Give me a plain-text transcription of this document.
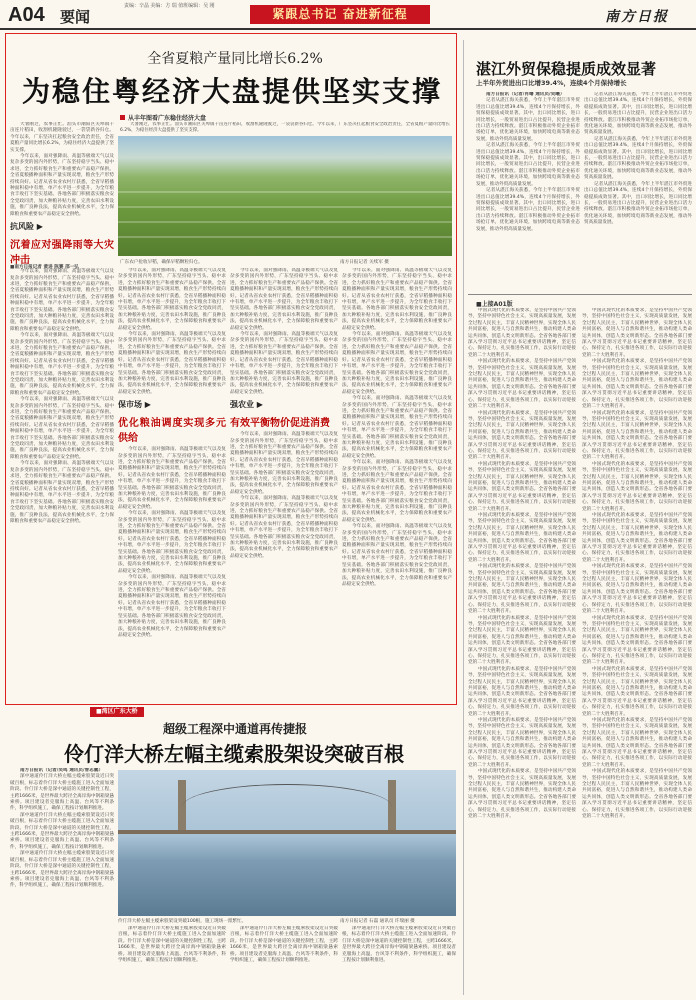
A04 要闻
责编：辛晶 美编：方 瑞 值班编辑：吴 刚
紧跟总书记 奋进新征程	南方日报
全省夏粮产量同比增长6.2%
为稳住粤经济大盘提供坚实支撑
从丰年图看广东稳住经济大盘

大暑刚过，农事正忙。汕头市潮阳区关埠镇千亩连片稻田，收割机隆隆驶过，一袋袋新谷归仓。今年以来，广东坚决扛起粮食安全政治责任，全省夏粮产量同比增长6.2%，为稳住经济大盘提供了坚实支撑。

大暑刚过，农事正忙。汕头市潮阳区关埠镇千亩连片稻田，收割机隆隆驶过，一袋袋新谷归仓。今年以来，广东坚决扛起粮食安全政治责任，全省夏粮产量同比增长6.2%，为稳住经济大盘提供了坚实支撑。

今年以来，面对强降雨、高温等极端天气以及复杂多变的国内外形势，广东坚持稳字当头、稳中求进，全力抓好粮食生产和重要农产品稳产保供。全省夏粮播种面积和产量实现双增，粮食生产形势持续向好。记者从省农业农村厅获悉，全省早稻播种面积稳中有增，单产水平进一步提升，为全年粮食丰收打下坚实基础。各地各部门积极落实粮食安全党政同责，加大种粮补贴力度，完善农田水利设施，推广良种良法，提高农业机械化水平，全力保障粮食和重要农产品稳定安全供给。

抗风险 ▶
沉着应对强降雨等大灾冲击

今年以来，面对强降雨、高温等极端天气以及复杂多变的国内外形势，广东坚持稳字当头、稳中求进，全力抓好粮食生产和重要农产品稳产保供。全省夏粮播种面积和产量实现双增，粮食生产形势持续向好。记者从省农业农村厅获悉，全省早稻播种面积稳中有增，单产水平进一步提升，为全年粮食丰收打下坚实基础。各地各部门积极落实粮食安全党政同责，加大种粮补贴力度，完善农田水利设施，推广良种良法，提高农业机械化水平，全力保障粮食和重要农产品稳定安全供给。

今年以来，面对强降雨、高温等极端天气以及复杂多变的国内外形势，广东坚持稳字当头、稳中求进，全力抓好粮食生产和重要农产品稳产保供。全省夏粮播种面积和产量实现双增，粮食生产形势持续向好。记者从省农业农村厅获悉，全省早稻播种面积稳中有增，单产水平进一步提升，为全年粮食丰收打下坚实基础。各地各部门积极落实粮食安全党政同责，加大种粮补贴力度，完善农田水利设施，推广良种良法，提高农业机械化水平，全力保障粮食和重要农产品稳定安全供给。

今年以来，面对强降雨、高温等极端天气以及复杂多变的国内外形势，广东坚持稳字当头、稳中求进，全力抓好粮食生产和重要农产品稳产保供。全省夏粮播种面积和产量实现双增，粮食生产形势持续向好。记者从省农业农村厅获悉，全省早稻播种面积稳中有增，单产水平进一步提升，为全年粮食丰收打下坚实基础。各地各部门积极落实粮食安全党政同责，加大种粮补贴力度，完善农田水利设施，推广良种良法，提高农业机械化水平，全力保障粮食和重要农产品稳定安全供给。

今年以来，面对强降雨、高温等极端天气以及复杂多变的国内外形势，广东坚持稳字当头、稳中求进，全力抓好粮食生产和重要农产品稳产保供。全省夏粮播种面积和产量实现双增，粮食生产形势持续向好。记者从省农业农村厅获悉，全省早稻播种面积稳中有增，单产水平进一步提升，为全年粮食丰收打下坚实基础。各地各部门积极落实粮食安全党政同责，加大种粮补贴力度，完善农田水利设施，推广良种良法，提高农业机械化水平，全力保障粮食和重要农产品稳定安全供给。

广东农户抢收早稻，确保早稻颗粒归仓。	南方日报记者 关续军 摄
■南方日报记者 黄进 陈赛 邵一弘

今年以来，面对强降雨、高温等极端天气以及复杂多变的国内外形势，广东坚持稳字当头、稳中求进，全力抓好粮食生产和重要农产品稳产保供。全省夏粮播种面积和产量实现双增，粮食生产形势持续向好。记者从省农业农村厅获悉，全省早稻播种面积稳中有增，单产水平进一步提升，为全年粮食丰收打下坚实基础。各地各部门积极落实粮食安全党政同责，加大种粮补贴力度，完善农田水利设施，推广良种良法，提高农业机械化水平，全力保障粮食和重要农产品稳定安全供给。

今年以来，面对强降雨、高温等极端天气以及复杂多变的国内外形势，广东坚持稳字当头、稳中求进，全力抓好粮食生产和重要农产品稳产保供。全省夏粮播种面积和产量实现双增，粮食生产形势持续向好。记者从省农业农村厅获悉，全省早稻播种面积稳中有增，单产水平进一步提升，为全年粮食丰收打下坚实基础。各地各部门积极落实粮食安全党政同责，加大种粮补贴力度，完善农田水利设施，推广良种良法，提高农业机械化水平，全力保障粮食和重要农产品稳定安全供给。

保市场 ▶
优化粮油调度实现多元供给

今年以来，面对强降雨、高温等极端天气以及复杂多变的国内外形势，广东坚持稳字当头、稳中求进，全力抓好粮食生产和重要农产品稳产保供。全省夏粮播种面积和产量实现双增，粮食生产形势持续向好。记者从省农业农村厅获悉，全省早稻播种面积稳中有增，单产水平进一步提升，为全年粮食丰收打下坚实基础。各地各部门积极落实粮食安全党政同责，加大种粮补贴力度，完善农田水利设施，推广良种良法，提高农业机械化水平，全力保障粮食和重要农产品稳定安全供给。

今年以来，面对强降雨、高温等极端天气以及复杂多变的国内外形势，广东坚持稳字当头、稳中求进，全力抓好粮食生产和重要农产品稳产保供。全省夏粮播种面积和产量实现双增，粮食生产形势持续向好。记者从省农业农村厅获悉，全省早稻播种面积稳中有增，单产水平进一步提升，为全年粮食丰收打下坚实基础。各地各部门积极落实粮食安全党政同责，加大种粮补贴力度，完善农田水利设施，推广良种良法，提高农业机械化水平，全力保障粮食和重要农产品稳定安全供给。

今年以来，面对强降雨、高温等极端天气以及复杂多变的国内外形势，广东坚持稳字当头、稳中求进，全力抓好粮食生产和重要农产品稳产保供。全省夏粮播种面积和产量实现双增，粮食生产形势持续向好。记者从省农业农村厅获悉，全省早稻播种面积稳中有增，单产水平进一步提升，为全年粮食丰收打下坚实基础。各地各部门积极落实粮食安全党政同责，加大种粮补贴力度，完善农田水利设施，推广良种良法，提高农业机械化水平，全力保障粮食和重要农产品稳定安全供给。

今年以来，面对强降雨、高温等极端天气以及复杂多变的国内外形势，广东坚持稳字当头、稳中求进，全力抓好粮食生产和重要农产品稳产保供。全省夏粮播种面积和产量实现双增，粮食生产形势持续向好。记者从省农业农村厅获悉，全省早稻播种面积稳中有增，单产水平进一步提升，为全年粮食丰收打下坚实基础。各地各部门积极落实粮食安全党政同责，加大种粮补贴力度，完善农田水利设施，推广良种良法，提高农业机械化水平，全力保障粮食和重要农产品稳定安全供给。

今年以来，面对强降雨、高温等极端天气以及复杂多变的国内外形势，广东坚持稳字当头、稳中求进，全力抓好粮食生产和重要农产品稳产保供。全省夏粮播种面积和产量实现双增，粮食生产形势持续向好。记者从省农业农村厅获悉，全省早稻播种面积稳中有增，单产水平进一步提升，为全年粮食丰收打下坚实基础。各地各部门积极落实粮食安全党政同责，加大种粮补贴力度，完善农田水利设施，推广良种良法，提高农业机械化水平，全力保障粮食和重要农产品稳定安全供给。

强农业 ▶
有效平衡物价促进消费

今年以来，面对强降雨、高温等极端天气以及复杂多变的国内外形势，广东坚持稳字当头、稳中求进，全力抓好粮食生产和重要农产品稳产保供。全省夏粮播种面积和产量实现双增，粮食生产形势持续向好。记者从省农业农村厅获悉，全省早稻播种面积稳中有增，单产水平进一步提升，为全年粮食丰收打下坚实基础。各地各部门积极落实粮食安全党政同责，加大种粮补贴力度，完善农田水利设施，推广良种良法，提高农业机械化水平，全力保障粮食和重要农产品稳定安全供给。

今年以来，面对强降雨、高温等极端天气以及复杂多变的国内外形势，广东坚持稳字当头、稳中求进，全力抓好粮食生产和重要农产品稳产保供。全省夏粮播种面积和产量实现双增，粮食生产形势持续向好。记者从省农业农村厅获悉，全省早稻播种面积稳中有增，单产水平进一步提升，为全年粮食丰收打下坚实基础。各地各部门积极落实粮食安全党政同责，加大种粮补贴力度，完善农田水利设施，推广良种良法，提高农业机械化水平，全力保障粮食和重要农产品稳定安全供给。

今年以来，面对强降雨、高温等极端天气以及复杂多变的国内外形势，广东坚持稳字当头、稳中求进，全力抓好粮食生产和重要农产品稳产保供。全省夏粮播种面积和产量实现双增，粮食生产形势持续向好。记者从省农业农村厅获悉，全省早稻播种面积稳中有增，单产水平进一步提升，为全年粮食丰收打下坚实基础。各地各部门积极落实粮食安全党政同责，加大种粮补贴力度，完善农田水利设施，推广良种良法，提高农业机械化水平，全力保障粮食和重要农产品稳定安全供给。

今年以来，面对强降雨、高温等极端天气以及复杂多变的国内外形势，广东坚持稳字当头、稳中求进，全力抓好粮食生产和重要农产品稳产保供。全省夏粮播种面积和产量实现双增，粮食生产形势持续向好。记者从省农业农村厅获悉，全省早稻播种面积稳中有增，单产水平进一步提升，为全年粮食丰收打下坚实基础。各地各部门积极落实粮食安全党政同责，加大种粮补贴力度，完善农田水利设施，推广良种良法，提高农业机械化水平，全力保障粮食和重要农产品稳定安全供给。

今年以来，面对强降雨、高温等极端天气以及复杂多变的国内外形势，广东坚持稳字当头、稳中求进，全力抓好粮食生产和重要农产品稳产保供。全省夏粮播种面积和产量实现双增，粮食生产形势持续向好。记者从省农业农村厅获悉，全省早稻播种面积稳中有增，单产水平进一步提升，为全年粮食丰收打下坚实基础。各地各部门积极落实粮食安全党政同责，加大种粮补贴力度，完善农田水利设施，推广良种良法，提高农业机械化水平，全力保障粮食和重要农产品稳定安全供给。

今年以来，面对强降雨、高温等极端天气以及复杂多变的国内外形势，广东坚持稳字当头、稳中求进，全力抓好粮食生产和重要农产品稳产保供。全省夏粮播种面积和产量实现双增，粮食生产形势持续向好。记者从省农业农村厅获悉，全省早稻播种面积稳中有增，单产水平进一步提升，为全年粮食丰收打下坚实基础。各地各部门积极落实粮食安全党政同责，加大种粮补贴力度，完善农田水利设施，推广良种良法，提高农业机械化水平，全力保障粮食和重要农产品稳定安全供给。

今年以来，面对强降雨、高温等极端天气以及复杂多变的国内外形势，广东坚持稳字当头、稳中求进，全力抓好粮食生产和重要农产品稳产保供。全省夏粮播种面积和产量实现双增，粮食生产形势持续向好。记者从省农业农村厅获悉，全省早稻播种面积稳中有增，单产水平进一步提升，为全年粮食丰收打下坚实基础。各地各部门积极落实粮食安全党政同责，加大种粮补贴力度，完善农田水利设施，推广良种良法，提高农业机械化水平，全力保障粮食和重要农产品稳定安全供给。

湛江外贸保稳提质成效显著
上半年外贸进出口比增39.4%，连续4个月保持增长

南方日报讯（记者/肖曙 通讯员/吴曦）

记者从湛江海关获悉，今年上半年湛江市外贸进出口总值比增39.4%，连续4个月保持增长，外贸保稳提质成效显著。其中，出口同比增长，进口同比增长，一般贸易进出口占比提升，民营企业进出口活力持续释放。湛江市积极推动外贸企业拓市场抢订单，优化通关环境，加快跨境电商等新业态发展，推动外贸高质量发展。

记者从湛江海关获悉，今年上半年湛江市外贸进出口总值比增39.4%，连续4个月保持增长，外贸保稳提质成效显著。其中，出口同比增长，进口同比增长，一般贸易进出口占比提升，民营企业进出口活力持续释放。湛江市积极推动外贸企业拓市场抢订单，优化通关环境，加快跨境电商等新业态发展，推动外贸高质量发展。

记者从湛江海关获悉，今年上半年湛江市外贸进出口总值比增39.4%，连续4个月保持增长，外贸保稳提质成效显著。其中，出口同比增长，进口同比增长，一般贸易进出口占比提升，民营企业进出口活力持续释放。湛江市积极推动外贸企业拓市场抢订单，优化通关环境，加快跨境电商等新业态发展，推动外贸高质量发展。

记者从湛江海关获悉，今年上半年湛江市外贸进出口总值比增39.4%，连续4个月保持增长，外贸保稳提质成效显著。其中，出口同比增长，进口同比增长，一般贸易进出口占比提升，民营企业进出口活力持续释放。湛江市积极推动外贸企业拓市场抢订单，优化通关环境，加快跨境电商等新业态发展，推动外贸高质量发展。

记者从湛江海关获悉，今年上半年湛江市外贸进出口总值比增39.4%，连续4个月保持增长，外贸保稳提质成效显著。其中，出口同比增长，进口同比增长，一般贸易进出口占比提升，民营企业进出口活力持续释放。湛江市积极推动外贸企业拓市场抢订单，优化通关环境，加快跨境电商等新业态发展，推动外贸高质量发展。

记者从湛江海关获悉，今年上半年湛江市外贸进出口总值比增39.4%，连续4个月保持增长，外贸保稳提质成效显著。其中，出口同比增长，进口同比增长，一般贸易进出口占比提升，民营企业进出口活力持续释放。湛江市积极推动外贸企业拓市场抢订单，优化通关环境，加快跨境电商等新业态发展，推动外贸高质量发展。

■上接A01版

中国式现代化的本质要求，是坚持中国共产党领导，坚持中国特色社会主义，实现高质量发展，发展全过程人民民主，丰富人民精神世界，实现全体人民共同富裕，促进人与自然和谐共生，推动构建人类命运共同体，创造人类文明新形态。全省各地各部门要深入学习贯彻习近平总书记重要讲话精神，坚定信心、保持定力，扎实推进各项工作，以实际行动迎接党的二十大胜利召开。

中国式现代化的本质要求，是坚持中国共产党领导，坚持中国特色社会主义，实现高质量发展，发展全过程人民民主，丰富人民精神世界，实现全体人民共同富裕，促进人与自然和谐共生，推动构建人类命运共同体，创造人类文明新形态。全省各地各部门要深入学习贯彻习近平总书记重要讲话精神，坚定信心、保持定力，扎实推进各项工作，以实际行动迎接党的二十大胜利召开。

中国式现代化的本质要求，是坚持中国共产党领导，坚持中国特色社会主义，实现高质量发展，发展全过程人民民主，丰富人民精神世界，实现全体人民共同富裕，促进人与自然和谐共生，推动构建人类命运共同体，创造人类文明新形态。全省各地各部门要深入学习贯彻习近平总书记重要讲话精神，坚定信心、保持定力，扎实推进各项工作，以实际行动迎接党的二十大胜利召开。

中国式现代化的本质要求，是坚持中国共产党领导，坚持中国特色社会主义，实现高质量发展，发展全过程人民民主，丰富人民精神世界，实现全体人民共同富裕，促进人与自然和谐共生，推动构建人类命运共同体，创造人类文明新形态。全省各地各部门要深入学习贯彻习近平总书记重要讲话精神，坚定信心、保持定力，扎实推进各项工作，以实际行动迎接党的二十大胜利召开。

中国式现代化的本质要求，是坚持中国共产党领导，坚持中国特色社会主义，实现高质量发展，发展全过程人民民主，丰富人民精神世界，实现全体人民共同富裕，促进人与自然和谐共生，推动构建人类命运共同体，创造人类文明新形态。全省各地各部门要深入学习贯彻习近平总书记重要讲话精神，坚定信心、保持定力，扎实推进各项工作，以实际行动迎接党的二十大胜利召开。

中国式现代化的本质要求，是坚持中国共产党领导，坚持中国特色社会主义，实现高质量发展，发展全过程人民民主，丰富人民精神世界，实现全体人民共同富裕，促进人与自然和谐共生，推动构建人类命运共同体，创造人类文明新形态。全省各地各部门要深入学习贯彻习近平总书记重要讲话精神，坚定信心、保持定力，扎实推进各项工作，以实际行动迎接党的二十大胜利召开。

中国式现代化的本质要求，是坚持中国共产党领导，坚持中国特色社会主义，实现高质量发展，发展全过程人民民主，丰富人民精神世界，实现全体人民共同富裕，促进人与自然和谐共生，推动构建人类命运共同体，创造人类文明新形态。全省各地各部门要深入学习贯彻习近平总书记重要讲话精神，坚定信心、保持定力，扎实推进各项工作，以实际行动迎接党的二十大胜利召开。

中国式现代化的本质要求，是坚持中国共产党领导，坚持中国特色社会主义，实现高质量发展，发展全过程人民民主，丰富人民精神世界，实现全体人民共同富裕，促进人与自然和谐共生，推动构建人类命运共同体，创造人类文明新形态。全省各地各部门要深入学习贯彻习近平总书记重要讲话精神，坚定信心、保持定力，扎实推进各项工作，以实际行动迎接党的二十大胜利召开。

中国式现代化的本质要求，是坚持中国共产党领导，坚持中国特色社会主义，实现高质量发展，发展全过程人民民主，丰富人民精神世界，实现全体人民共同富裕，促进人与自然和谐共生，推动构建人类命运共同体，创造人类文明新形态。全省各地各部门要深入学习贯彻习近平总书记重要讲话精神，坚定信心、保持定力，扎实推进各项工作，以实际行动迎接党的二十大胜利召开。

中国式现代化的本质要求，是坚持中国共产党领导，坚持中国特色社会主义，实现高质量发展，发展全过程人民民主，丰富人民精神世界，实现全体人民共同富裕，促进人与自然和谐共生，推动构建人类命运共同体，创造人类文明新形态。全省各地各部门要深入学习贯彻习近平总书记重要讲话精神，坚定信心、保持定力，扎实推进各项工作，以实际行动迎接党的二十大胜利召开。

中国式现代化的本质要求，是坚持中国共产党领导，坚持中国特色社会主义，实现高质量发展，发展全过程人民民主，丰富人民精神世界，实现全体人民共同富裕，促进人与自然和谐共生，推动构建人类命运共同体，创造人类文明新形态。全省各地各部门要深入学习贯彻习近平总书记重要讲话精神，坚定信心、保持定力，扎实推进各项工作，以实际行动迎接党的二十大胜利召开。

中国式现代化的本质要求，是坚持中国共产党领导，坚持中国特色社会主义，实现高质量发展，发展全过程人民民主，丰富人民精神世界，实现全体人民共同富裕，促进人与自然和谐共生，推动构建人类命运共同体，创造人类文明新形态。全省各地各部门要深入学习贯彻习近平总书记重要讲话精神，坚定信心、保持定力，扎实推进各项工作，以实际行动迎接党的二十大胜利召开。

中国式现代化的本质要求，是坚持中国共产党领导，坚持中国特色社会主义，实现高质量发展，发展全过程人民民主，丰富人民精神世界，实现全体人民共同富裕，促进人与自然和谐共生，推动构建人类命运共同体，创造人类文明新形态。全省各地各部门要深入学习贯彻习近平总书记重要讲话精神，坚定信心、保持定力，扎实推进各项工作，以实际行动迎接党的二十大胜利召开。

中国式现代化的本质要求，是坚持中国共产党领导，坚持中国特色社会主义，实现高质量发展，发展全过程人民民主，丰富人民精神世界，实现全体人民共同富裕，促进人与自然和谐共生，推动构建人类命运共同体，创造人类文明新形态。全省各地各部门要深入学习贯彻习近平总书记重要讲话精神，坚定信心、保持定力，扎实推进各项工作，以实际行动迎接党的二十大胜利召开。

中国式现代化的本质要求，是坚持中国共产党领导，坚持中国特色社会主义，实现高质量发展，发展全过程人民民主，丰富人民精神世界，实现全体人民共同富裕，促进人与自然和谐共生，推动构建人类命运共同体，创造人类文明新形态。全省各地各部门要深入学习贯彻习近平总书记重要讲话精神，坚定信心、保持定力，扎实推进各项工作，以实际行动迎接党的二十大胜利召开。

中国式现代化的本质要求，是坚持中国共产党领导，坚持中国特色社会主义，实现高质量发展，发展全过程人民民主，丰富人民精神世界，实现全体人民共同富裕，促进人与自然和谐共生，推动构建人类命运共同体，创造人类文明新形态。全省各地各部门要深入学习贯彻习近平总书记重要讲话精神，坚定信心、保持定力，扎实推进各项工作，以实际行动迎接党的二十大胜利召开。

中国式现代化的本质要求，是坚持中国共产党领导，坚持中国特色社会主义，实现高质量发展，发展全过程人民民主，丰富人民精神世界，实现全体人民共同富裕，促进人与自然和谐共生，推动构建人类命运共同体，创造人类文明新形态。全省各地各部门要深入学习贯彻习近平总书记重要讲话精神，坚定信心、保持定力，扎实推进各项工作，以实际行动迎接党的二十大胜利召开。

中国式现代化的本质要求，是坚持中国共产党领导，坚持中国特色社会主义，实现高质量发展，发展全过程人民民主，丰富人民精神世界，实现全体人民共同富裕，促进人与自然和谐共生，推动构建人类命运共同体，创造人类文明新形态。全省各地各部门要深入学习贯彻习近平总书记重要讲话精神，坚定信心、保持定力，扎实推进各项工作，以实际行动迎接党的二十大胜利召开。

中国式现代化的本质要求，是坚持中国共产党领导，坚持中国特色社会主义，实现高质量发展，发展全过程人民民主，丰富人民精神世界，实现全体人民共同富裕，促进人与自然和谐共生，推动构建人类命运共同体，创造人类文明新形态。全省各地各部门要深入学习贯彻习近平总书记重要讲话精神，坚定信心、保持定力，扎实推进各项工作，以实际行动迎接党的二十大胜利召开。

中国式现代化的本质要求，是坚持中国共产党领导，坚持中国特色社会主义，实现高质量发展，发展全过程人民民主，丰富人民精神世界，实现全体人民共同富裕，促进人与自然和谐共生，推动构建人类命运共同体，创造人类文明新形态。全省各地各部门要深入学习贯彻习近平总书记重要讲话精神，坚定信心、保持定力，扎实推进各项工作，以实际行动迎接党的二十大胜利召开。

■湾区广东大桥
超级工程深中通道再传捷报
伶仃洋大桥左幅主缆索股架设突破百根

南方日报讯（记者/吴鸣 通讯员/曾志鹏）

深中通道伶仃洋大桥左幅主缆索股架设近日突破百根，标志着伶仃洋大桥主缆施工进入全面加速阶段。伶仃洋大桥是深中通道的关键控制性工程，主跨1666米，是世界最大跨径全离岸海中钢箱梁悬索桥。项目建设者克服海上高温、台风等不利条件，科学组织施工，确保工程按计划顺利推进。

深中通道伶仃洋大桥左幅主缆索股架设近日突破百根，标志着伶仃洋大桥主缆施工进入全面加速阶段。伶仃洋大桥是深中通道的关键控制性工程，主跨1666米，是世界最大跨径全离岸海中钢箱梁悬索桥。项目建设者克服海上高温、台风等不利条件，科学组织施工，确保工程按计划顺利推进。

深中通道伶仃洋大桥左幅主缆索股架设近日突破百根，标志着伶仃洋大桥主缆施工进入全面加速阶段。伶仃洋大桥是深中通道的关键控制性工程，主跨1666米，是世界最大跨径全离岸海中钢箱梁悬索桥。项目建设者克服海上高温、台风等不利条件，科学组织施工，确保工程按计划顺利推进。

伶仃洋大桥左幅主缆索股架设突破100根，施工现场一派繁忙。	南方日报记者 石磊 通讯员 许瑞丽 摄

深中通道伶仃洋大桥左幅主缆索股架设近日突破百根，标志着伶仃洋大桥主缆施工进入全面加速阶段。伶仃洋大桥是深中通道的关键控制性工程，主跨1666米，是世界最大跨径全离岸海中钢箱梁悬索桥。项目建设者克服海上高温、台风等不利条件，科学组织施工，确保工程按计划顺利推进。

深中通道伶仃洋大桥左幅主缆索股架设近日突破百根，标志着伶仃洋大桥主缆施工进入全面加速阶段。伶仃洋大桥是深中通道的关键控制性工程，主跨1666米，是世界最大跨径全离岸海中钢箱梁悬索桥。项目建设者克服海上高温、台风等不利条件，科学组织施工，确保工程按计划顺利推进。

深中通道伶仃洋大桥左幅主缆索股架设近日突破百根，标志着伶仃洋大桥主缆施工进入全面加速阶段。伶仃洋大桥是深中通道的关键控制性工程，主跨1666米，是世界最大跨径全离岸海中钢箱梁悬索桥。项目建设者克服海上高温、台风等不利条件，科学组织施工，确保工程按计划顺利推进。
